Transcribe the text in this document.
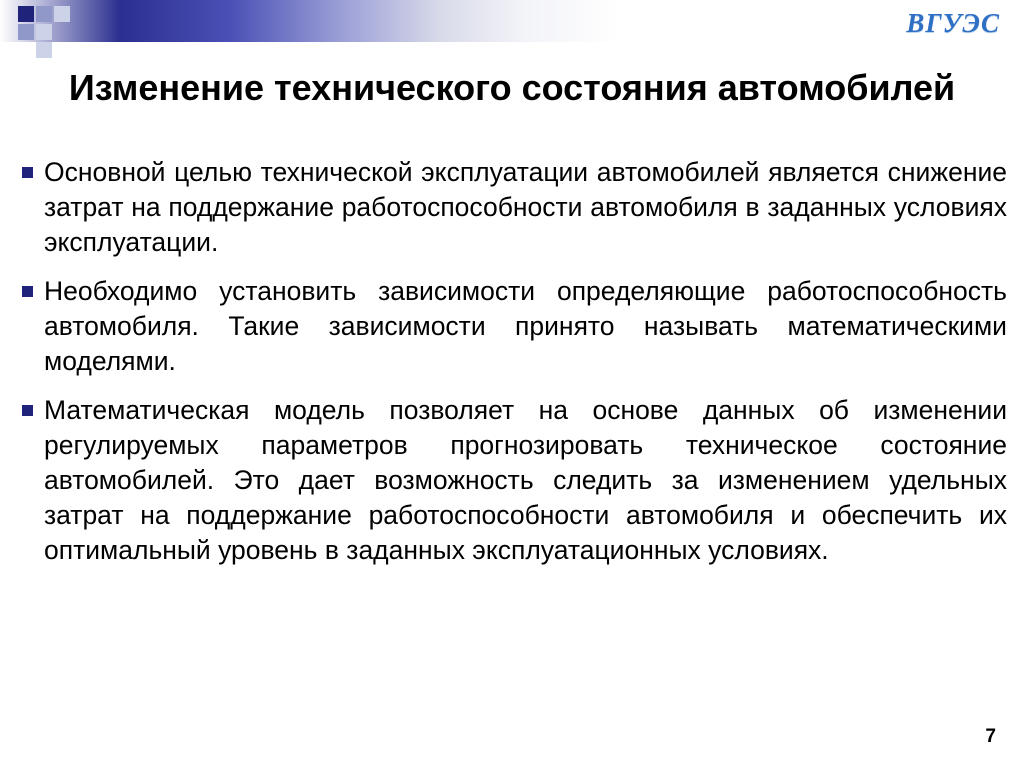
ВГУЭС
Изменение технического состояния автомобилей
Основной целью технической эксплуатации автомобилей является снижение затрат на поддержание работоспособности автомобиля в заданных условиях эксплуатации.
Необходимо установить зависимости определяющие работоспособность автомобиля. Такие зависимости принято называть математическими моделями.
Математическая модель позволяет на основе данных об изменении регулируемых параметров прогнозировать техническое состояние автомобилей. Это дает возможность следить за изменением удельных затрат на поддержание работоспособности автомобиля и обеспечить их оптимальный уровень в заданных эксплуатационных условиях.
7
